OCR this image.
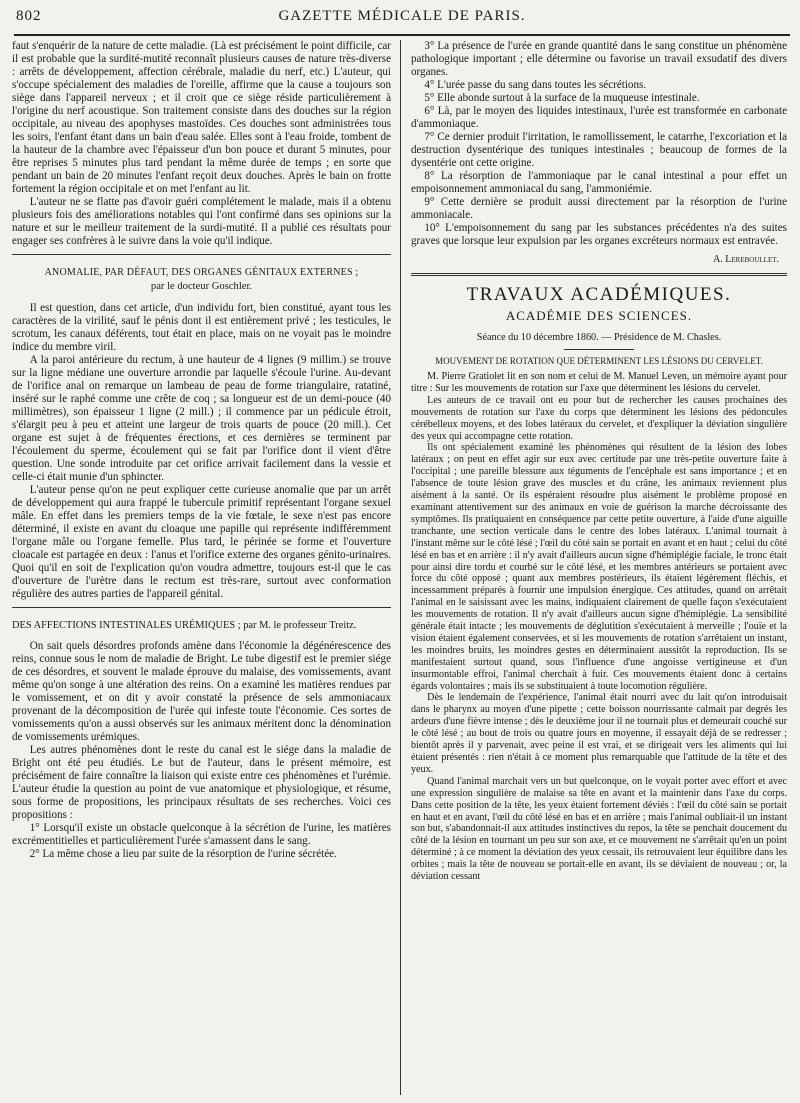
802	GAZETTE MÉDICALE DE PARIS.

faut s'enquérir de la nature de cette maladie. (Là est précisément le point difficile, car il est probable que la surdité-mutité reconnaît plusieurs causes de nature très-diverse : arrêts de développement, affection cérébrale, maladie du nerf, etc.) L'auteur, qui s'occupe spécialement des maladies de l'oreille, affirme que la cause a toujours son siège dans l'appareil nerveux ; et il croit que ce siège réside particulièrement à l'origine du nerf acoustique. Son traitement consiste dans des douches sur la région occipitale, au niveau des apophyses mastoïdes. Ces douches sont administrées tous les soirs, l'enfant étant dans un bain d'eau salée. Elles sont à l'eau froide, tombent de la hauteur de la chambre avec l'épaisseur d'un bon pouce et durant 5 minutes, pour être reprises 5 minutes plus tard pendant la même durée de temps ; en sorte que pendant un bain de 20 minutes l'enfant reçoit deux douches. Après le bain on frotte fortement la région occipitale et on met l'enfant au lit.

L'auteur ne se flatte pas d'avoir guéri complétement le malade, mais il a obtenu plusieurs fois des améliorations notables qui l'ont confirmé dans ses opinions sur la nature et sur le meilleur traitement de la surdi-mutité. Il a publié ces résultats pour engager ses confrères à le suivre dans la voie qu'il indique.

ANOMALIE, PAR DÉFAUT, DES ORGANES GÉNITAUX EXTERNES ;
par le docteur Goschler.

Il est question, dans cet article, d'un individu fort, bien constitué, ayant tous les caractères de la virilité, sauf le pénis dont il est entièrement privé ; les testicules, le scrotum, les canaux déférents, tout était en place, mais on ne voyait pas le moindre indice du membre viril.

A la paroi antérieure du rectum, à une hauteur de 4 lignes (9 millim.) se trouve sur la ligne médiane une ouverture arrondie par laquelle s'écoule l'urine. Au-devant de l'orifice anal on remarque un lambeau de peau de forme triangulaire, ratatiné, inséré sur le raphé comme une crête de coq ; sa longueur est de un demi-pouce (40 millimètres), son épaisseur 1 ligne (2 mill.) ; il commence par un pédicule étroit, s'élargit peu à peu et atteint une largeur de trois quarts de pouce (20 mill.). Cet organe est sujet à de fréquentes érections, et ces dernières se terminent par l'écoulement du sperme, écoulement qui se fait par l'orifice dont il vient d'être question. Une sonde introduite par cet orifice arrivait facilement dans la vessie et celle-ci était munie d'un sphincter.

L'auteur pense qu'on ne peut expliquer cette curieuse anomalie que par un arrêt de développement qui aura frappé le tubercule primitif représentant l'organe sexuel mâle. En effet dans les premiers temps de la vie fœtale, le sexe n'est pas encore déterminé, il existe en avant du cloaque une papille qui représente indifféremment l'organe mâle ou l'organe femelle. Plus tard, le périnée se forme et l'ouverture cloacale est partagée en deux : l'anus et l'orifice externe des organes génito-urinaires. Quoi qu'il en soit de l'explication qu'on voudra admettre, toujours est-il que le cas d'ouverture de l'urètre dans le rectum est très-rare, surtout avec conformation régulière des autres parties de l'appareil génital.

DES AFFECTIONS INTESTINALES URÉMIQUES ; par M. le professeur Treitz.

On sait quels désordres profonds amène dans l'économie la dégénérescence des reins, connue sous le nom de maladie de Bright. Le tube digestif est le premier siége de ces désordres, et souvent le malade éprouve du malaise, des vomissements, avant même qu'on songe à une altération des reins. On a examiné les matières rendues par le vomissement, et on dit y avoir constaté la présence de sels ammoniacaux provenant de la décomposition de l'urée qui infeste toute l'économie. Ces sortes de vomissements qu'on a aussi observés sur les animaux méritent donc la dénomination de vomissements urémiques.

Les autres phénomènes dont le reste du canal est le siége dans la maladie de Bright ont été peu étudiés. Le but de l'auteur, dans le présent mémoire, est précisément de faire connaître la liaison qui existe entre ces phénomènes et l'urémie. L'auteur étudie la question au point de vue anatomique et physiologique, et résume, sous forme de propositions, les principaux résultats de ses recherches. Voici ces propositions :

1° Lorsqu'il existe un obstacle quelconque à la sécrétion de l'urine, les matières excrémentitielles et particulièrement l'urée s'amassent dans le sang.

2° La même chose a lieu par suite de la résorption de l'urine sécrétée.

3° La présence de l'urée en grande quantité dans le sang constitue un phénomène pathologique important ; elle détermine ou favorise un travail exsudatif des divers organes.

4° L'urée passe du sang dans toutes les sécrétions.

5° Elle abonde surtout à la surface de la muqueuse intestinale.

6° Là, par le moyen des liquides intestinaux, l'urée est transformée en carbonate d'ammoniaque.

7° Ce dernier produit l'irritation, le ramollissement, le catarrhe, l'excoriation et la destruction dysentérique des tuniques intestinales ; beaucoup de formes de la dysentérie ont cette origine.

8° La résorption de l'ammoniaque par le canal intestinal a pour effet un empoisonnement ammoniacal du sang, l'ammoniémie.

9° Cette dernière se produit aussi directement par la résorption de l'urine ammoniacale.

10° L'empoisonnement du sang par les substances précédentes n'a des suites graves que lorsque leur expulsion par les organes excréteurs normaux est entravée.

A. Lereboullet.
TRAVAUX ACADÉMIQUES.
ACADÉMIE DES SCIENCES.
Séance du 10 décembre 1860. — Présidence de M. Chasles.
MOUVEMENT DE ROTATION QUE DÉTERMINENT LES LÉSIONS DU CERVELET.

M. Pierre Gratiolet lit en son nom et celui de M. Manuel Leven, un mémoire ayant pour titre : Sur les mouvements de rotation sur l'axe que déterminent les lésions du cervelet.

Les auteurs de ce travail ont eu pour but de rechercher les causes prochaines des mouvements de rotation sur l'axe du corps que déterminent les lésions des pédoncules cérébelleux moyens, et des lobes latéraux du cervelet, et d'expliquer la déviation singulière des yeux qui accompagne cette rotation.

Ils ont spécialement examiné les phénomènes qui résultent de la lésion des lobes latéraux ; on peut en effet agir sur eux avec certitude par une très-petite ouverture faite à l'occipital ; une pareille blessure aux téguments de l'encéphale est sans importance ; et en l'absence de toute lésion grave des muscles et du crâne, les animaux reviennent plus aisément à la santé. Or ils espéraient résoudre plus aisément le problème proposé en examinant attentivement sur des animaux en voie de guérison la marche décroissante des symptômes. Ils pratiquaient en conséquence par cette petite ouverture, à l'aide d'une aiguille tranchante, une section verticale dans le centre des lobes latéraux. L'animal tournait à l'instant même sur le côté lésé ; l'œil du côté sain se portait en avant et en haut ; celui du côté lésé en bas et en arrière : il n'y avait d'ailleurs aucun signe d'hémiplégie faciale, le tronc était pour ainsi dire tordu et courbé sur le côté lésé, et les membres antérieurs se portaient avec force du côté opposé ; quant aux membres postérieurs, ils étaient légèrement fléchis, et incessamment préparés à fournir une impulsion énergique. Ces attitudes, quand on arrêtait l'animal en le saisissant avec les mains, indiquaient clairement de quelle façon s'exécutaient les mouvements de rotation. Il n'y avait d'ailleurs aucun signe d'hémiplégie. La sensibilité générale était intacte ; les mouvements de déglutition s'exécutaient à merveille ; l'ouïe et la vision étaient également conservées, et si les mouvements de rotation s'arrêtaient un instant, les moindres bruits, les moindres gestes en déterminaient aussitôt la reproduction. Ils se manifestaient surtout quand, sous l'influence d'une angoisse vertigineuse et d'un insurmontable effroi, l'animal cherchait à fuir. Ces mouvements étaient donc à certains égards volontaires ; mais ils se substituaient à toute locomotion régulière.

Dès le lendemain de l'expérience, l'animal était nourri avec du lait qu'on introduisait dans le pharynx au moyen d'une pipette ; cette boisson nourrissante calmait par degrés les ardeurs d'une fièvre intense ; dès le deuxième jour il ne tournait plus et demeurait couché sur le côté lésé ; au bout de trois ou quatre jours en moyenne, il essayait déjà de se redresser ; bientôt après il y parvenait, avec peine il est vrai, et se dirigeait vers les aliments qui lui étaient présentés : rien n'était à ce moment plus remarquable que l'attitude de la tête et des yeux.

Quand l'animal marchait vers un but quelconque, on le voyait porter avec effort et avec une expression singulière de malaise sa tête en avant et la maintenir dans l'axe du corps. Dans cette position de la tête, les yeux étaient fortement déviés : l'œil du côté sain se portait en haut et en avant, l'œil du côté lésé en bas et en arrière ; mais l'animal oubliait-il un instant son but, s'abandonnait-il aux attitudes instinctives du repos, la tête se penchait doucement du côté de la lésion en tournant un peu sur son axe, et ce mouvement ne s'arrêtait qu'en un point déterminé ; à ce moment la déviation des yeux cessait, ils retrouvaient leur équilibre dans les orbites ; mais la tête de nouveau se portait-elle en avant, ils se déviaient de nouveau ; or, la déviation cessant
